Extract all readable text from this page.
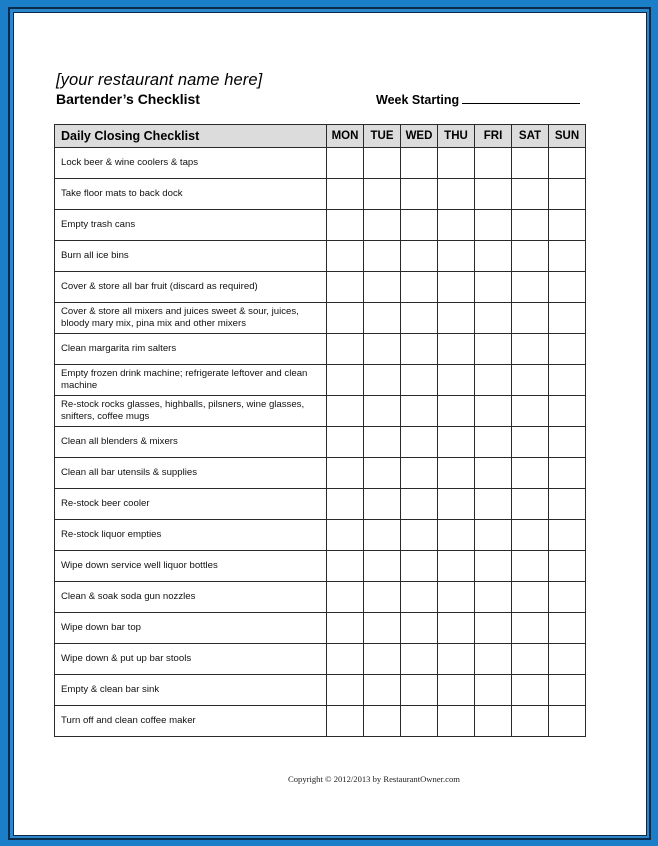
[your restaurant name here]
Bartender’s Checklist	Week Starting
Daily Closing Checklist	MON	TUE	WED	THU	FRI	SAT	SUN
Lock beer & wine coolers & taps							
Take floor mats to back dock							
Empty trash cans							
Burn all ice bins							
Cover & store all bar fruit (discard as required)							
Cover & store all mixers and juices sweet & sour, juices, bloody mary mix, pina mix and other mixers							
Clean margarita rim salters							
Empty frozen drink machine; refrigerate leftover and clean machine							
Re-stock rocks glasses, highballs, pilsners, wine glasses, snifters, coffee mugs							
Clean all blenders & mixers							
Clean all bar utensils & supplies							
Re-stock beer cooler							
Re-stock liquor empties							
Wipe down service well liquor bottles							
Clean & soak soda gun nozzles							
Wipe down bar top							
Wipe down & put up bar stools							
Empty & clean bar sink							
Turn off and clean coffee maker							
Copyright © 2012/2013 by RestaurantOwner.com
